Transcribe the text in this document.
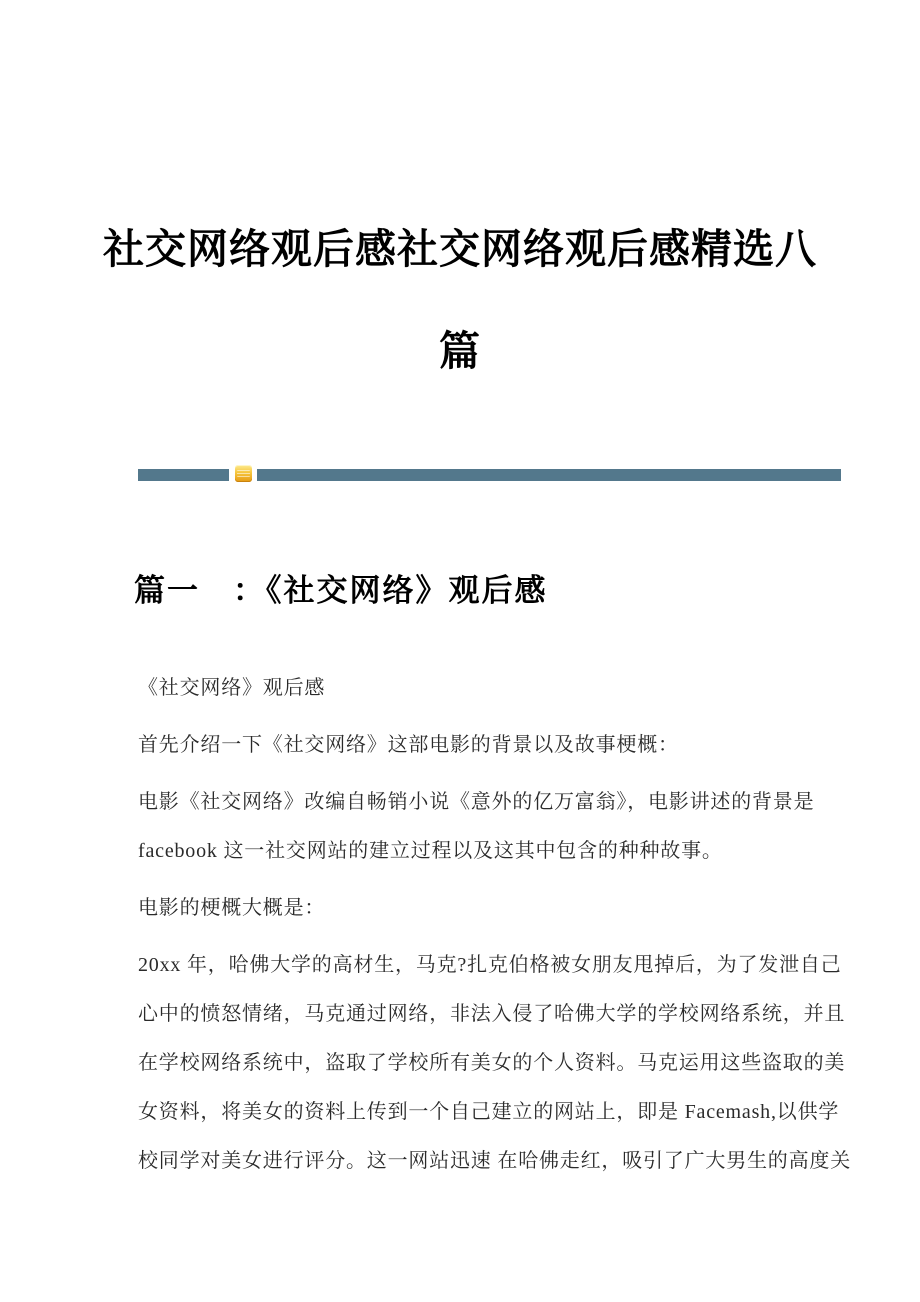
社交网络观后感社交网络观后感精选八
篇
篇一　：《社交网络》观后感
《社交网络》观后感
首先介绍一下《社交网络》这部电影的背景以及故事梗概：
电影《社交网络》改编自畅销小说《意外的亿万富翁》，电影讲述的背景是
facebook 这一社交网站的建立过程以及这其中包含的种种故事。
电影的梗概大概是：
20xx 年，哈佛大学的高材生，马克?扎克伯格被女朋友甩掉后，为了发泄自己
心中的愤怒情绪，马克通过网络，非法入侵了哈佛大学的学校网络系统，并且
在学校网络系统中，盗取了学校所有美女的个人资料。马克运用这些盗取的美
女资料，将美女的资料上传到一个自己建立的网站上，即是 Facemash,以供学
校同学对美女进行评分。这一网站迅速 在哈佛走红，吸引了广大男生的高度关
